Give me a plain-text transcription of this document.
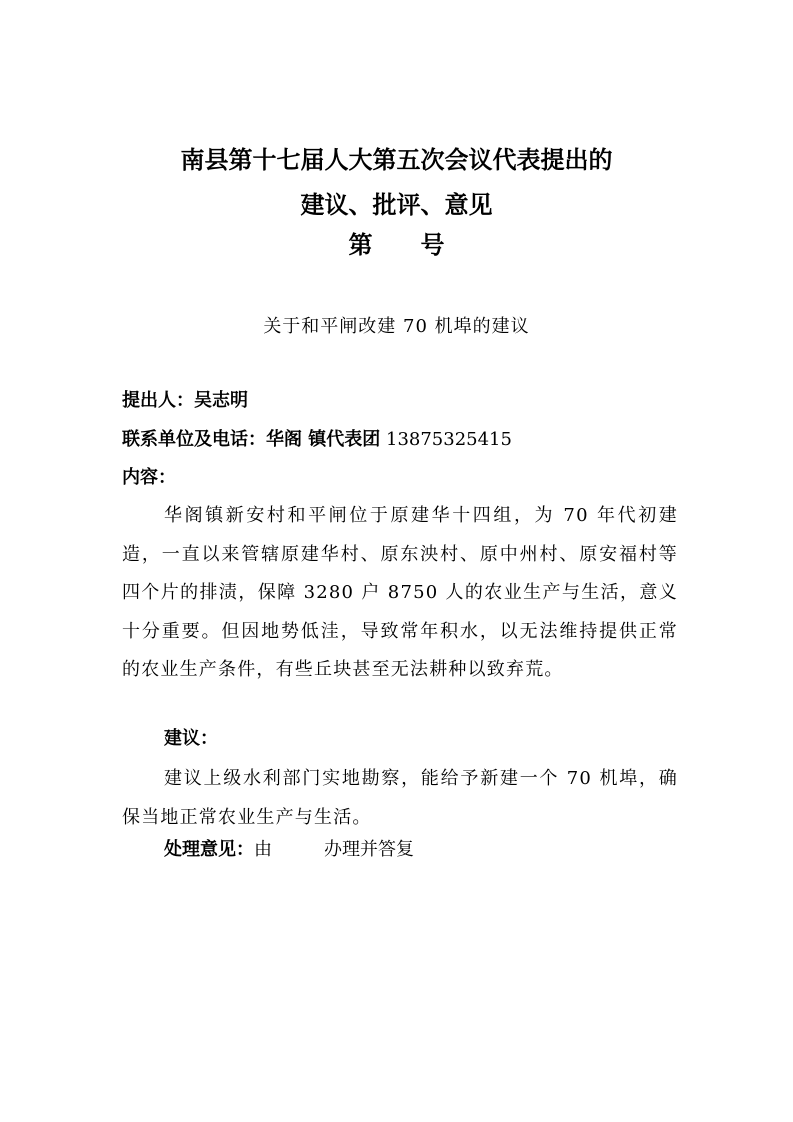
南县第十七届人大第五次会议代表提出的
建议、批评、意见
第 号
关于和平闸改建 70 机埠的建议
提出人：吴志明
联系单位及电话：华阁 镇代表团 13875325415
内容：
华阁镇新安村和平闸位于原建华十四组，为 70 年代初建造，一直以来管辖原建华村、原东泱村、原中州村、原安福村等四个片的排渍，保障 3280 户 8750 人的农业生产与生活，意义十分重要。但因地势低洼，导致常年积水，以无法维持提供正常的农业生产条件，有些丘块甚至无法耕种以致弃荒。
建议：
建议上级水利部门实地勘察，能给予新建一个 70 机埠，确保当地正常农业生产与生活。
处理意见：由	办理并答复
